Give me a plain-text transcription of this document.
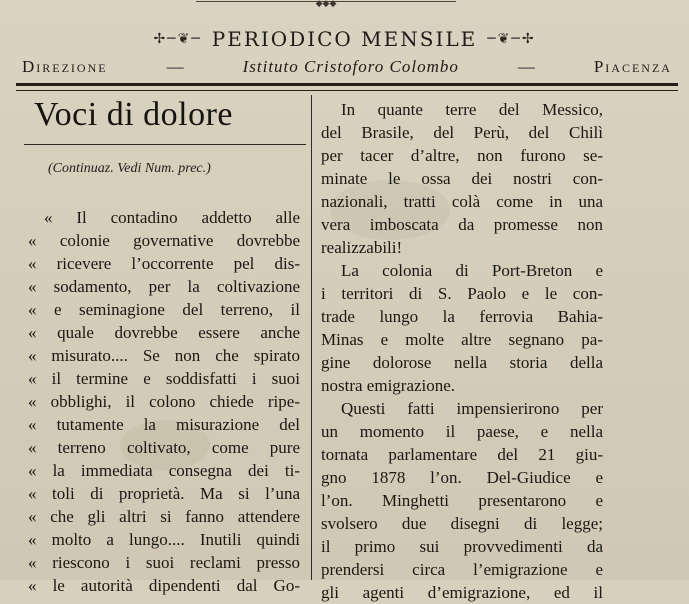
◆◆◆
✢─❦─ PERIODICO MENSILE ─❦─✢
Direzione	—	Istituto Cristoforo Colombo	—	Piacenza
Voci di dolore
(Continuaz. Vedi Num. prec.)
« Il contadino addetto alle
« colonie governative dovrebbe
« ricevere l’occorrente pel dis-
« sodamento, per la coltivazione
« e seminagione del terreno, il
« quale dovrebbe essere anche
« misurato.... Se non che spirato
« il termine e soddisfatti i suoi
« obblighi, il colono chiede ripe-
« tutamente la misurazione del
« terreno coltivato, come pure
« la immediata consegna dei ti-
« toli di proprietà. Ma si l’una
« che gli altri si fanno attendere
« molto a lungo.... Inutili quindi
« riescono i suoi reclami presso
« le autorità dipendenti dal Go-
In quante terre del Messico,
del Brasile, del Perù, del Chilì
per tacer d’altre, non furono se-
minate le ossa dei nostri con-
nazionali, tratti colà come in una
vera imboscata da promesse non
realizzabili!
La colonia di Port-Breton e
i territori di S. Paolo e le con-
trade lungo la ferrovia Bahia-
Minas e molte altre segnano pa-
gine dolorose nella storia della
nostra emigrazione.
Questi fatti impensierirono per
un momento il paese, e nella
tornata parlamentare del 21 giu-
gno 1878 l’on. Del-Giudice e
l’on. Minghetti presentarono e
svolsero due disegni di legge;
il primo sui provvedimenti da
prendersi circa l’emigrazione e
gli agenti d’emigrazione, ed il
